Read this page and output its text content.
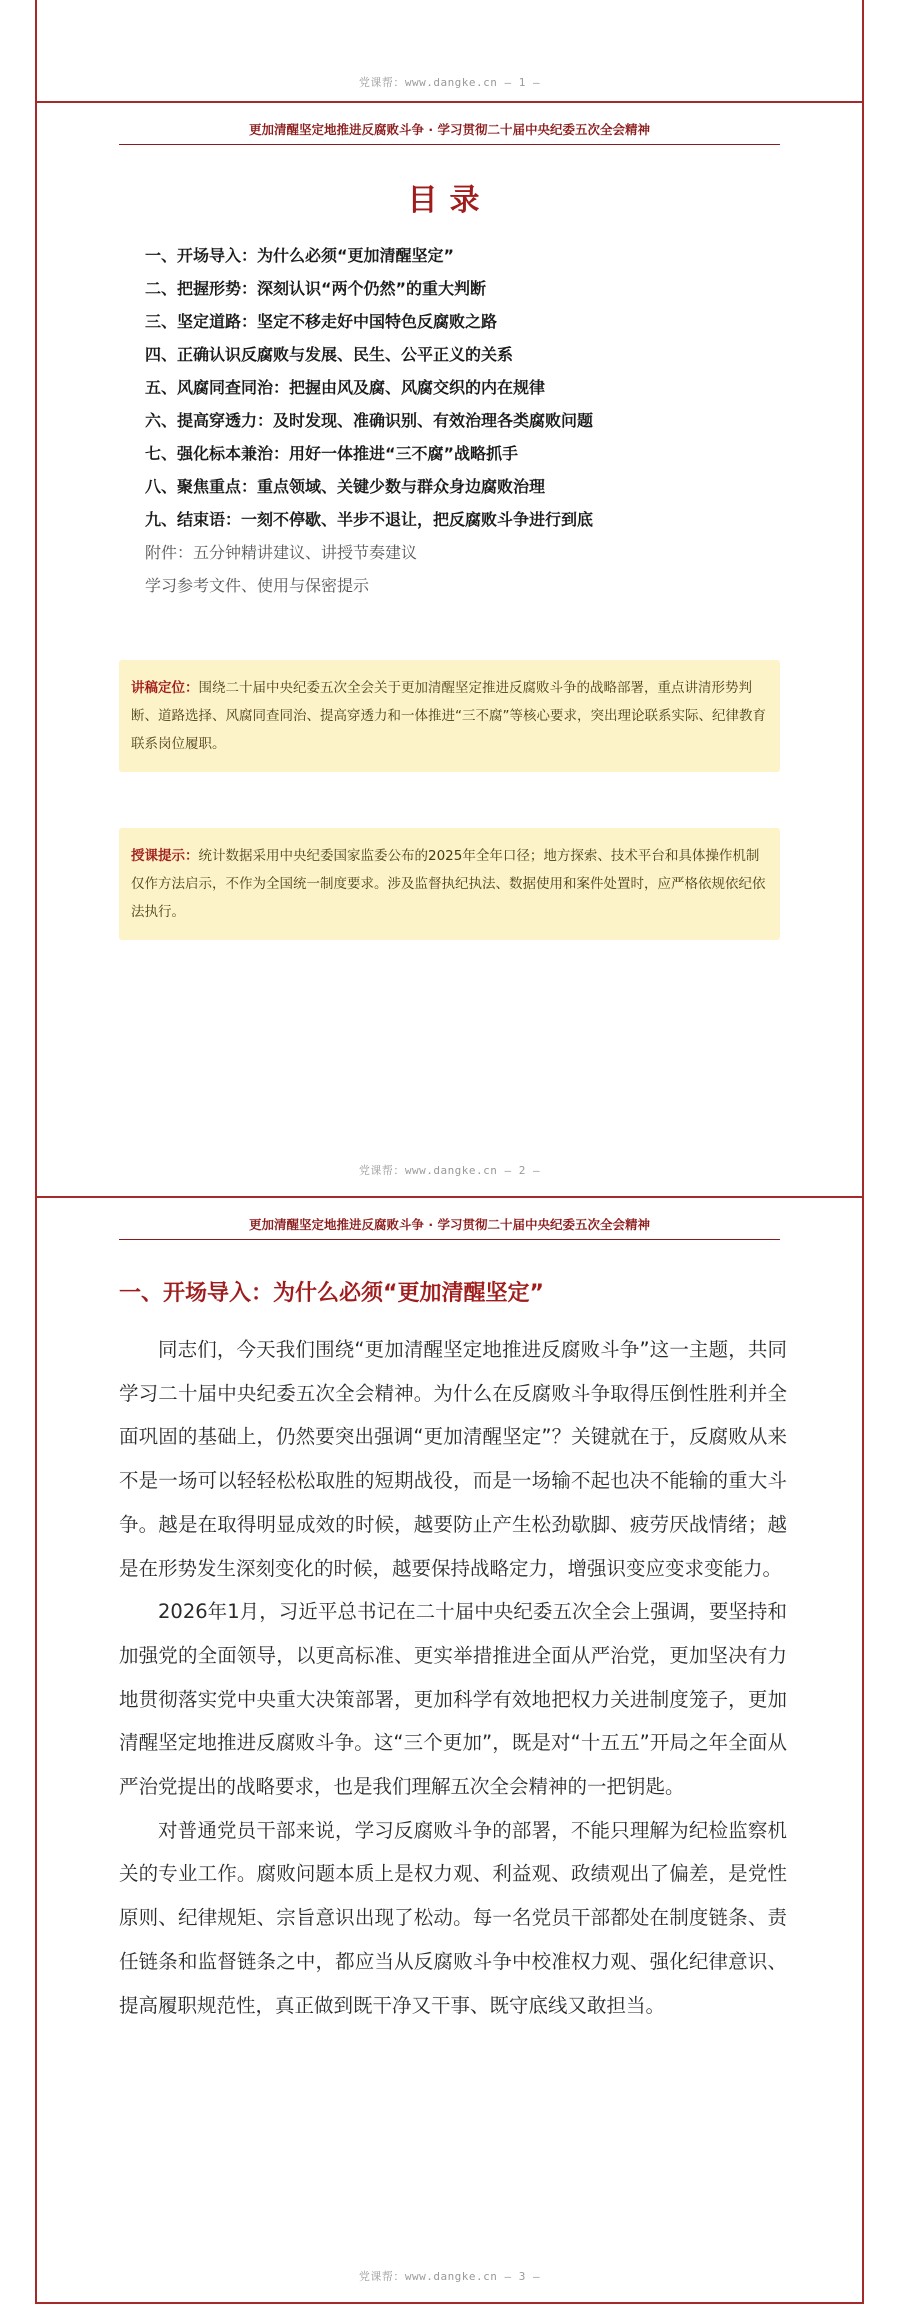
党课帮：www.dangke.cn — 1 —
更加清醒坚定地推进反腐败斗争 · 学习贯彻二十届中央纪委五次全会精神
目录
一、开场导入：为什么必须“更加清醒坚定”
二、把握形势：深刻认识“两个仍然”的重大判断
三、坚定道路：坚定不移走好中国特色反腐败之路
四、正确认识反腐败与发展、民生、公平正义的关系
五、风腐同查同治：把握由风及腐、风腐交织的内在规律
六、提高穿透力：及时发现、准确识别、有效治理各类腐败问题
七、强化标本兼治：用好一体推进“三不腐”战略抓手
八、聚焦重点：重点领域、关键少数与群众身边腐败治理
九、结束语：一刻不停歇、半步不退让，把反腐败斗争进行到底
附件：五分钟精讲建议、讲授节奏建议
学习参考文件、使用与保密提示
讲稿定位：围绕二十届中央纪委五次全会关于更加清醒坚定推进反腐败斗争的战略部署，重点讲清形势判断、道路选择、风腐同查同治、提高穿透力和一体推进“三不腐”等核心要求，突出理论联系实际、纪律教育联系岗位履职。
授课提示：统计数据采用中央纪委国家监委公布的2025年全年口径；地方探索、技术平台和具体操作机制仅作方法启示，不作为全国统一制度要求。涉及监督执纪执法、数据使用和案件处置时，应严格依规依纪依法执行。
党课帮：www.dangke.cn — 2 —
更加清醒坚定地推进反腐败斗争 · 学习贯彻二十届中央纪委五次全会精神
一、开场导入：为什么必须“更加清醒坚定”

同志们，今天我们围绕“更加清醒坚定地推进反腐败斗争”这一主题，共同学习二十届中央纪委五次全会精神。为什么在反腐败斗争取得压倒性胜利并全面巩固的基础上，仍然要突出强调“更加清醒坚定”？关键就在于，反腐败从来不是一场可以轻轻松松取胜的短期战役，而是一场输不起也决不能输的重大斗争。越是在取得明显成效的时候，越要防止产生松劲歇脚、疲劳厌战情绪；越是在形势发生深刻变化的时候，越要保持战略定力，增强识变应变求变能力。

2026年1月，习近平总书记在二十届中央纪委五次全会上强调，要坚持和加强党的全面领导，以更高标准、更实举措推进全面从严治党，更加坚决有力地贯彻落实党中央重大决策部署，更加科学有效地把权力关进制度笼子，更加清醒坚定地推进反腐败斗争。这“三个更加”，既是对“十五五”开局之年全面从严治党提出的战略要求，也是我们理解五次全会精神的一把钥匙。

对普通党员干部来说，学习反腐败斗争的部署，不能只理解为纪检监察机关的专业工作。腐败问题本质上是权力观、利益观、政绩观出了偏差，是党性原则、纪律规矩、宗旨意识出现了松动。每一名党员干部都处在制度链条、责任链条和监督链条之中，都应当从反腐败斗争中校准权力观、强化纪律意识、提高履职规范性，真正做到既干净又干事、既守底线又敢担当。

党课帮：www.dangke.cn — 3 —
